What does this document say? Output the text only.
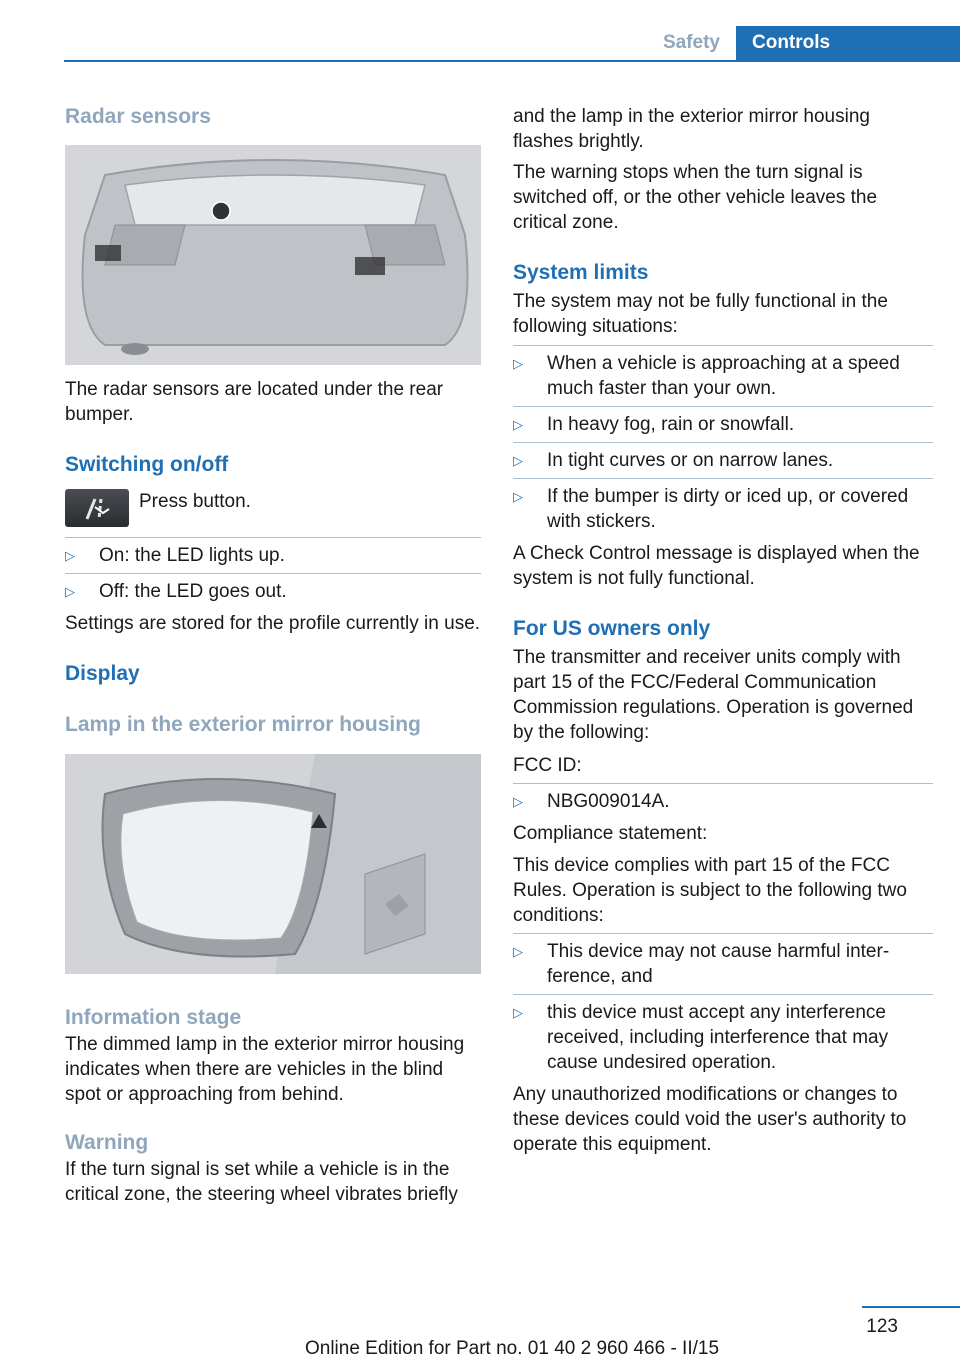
Safety	Controls
Radar sensors
The radar sensors are located under the rear bumper.
Switching on/off
Press button.
▷ On: the LED lights up.
▷ Off: the LED goes out.
Settings are stored for the profile currently in use.
Display
Lamp in the exterior mirror housing
Information stage
The dimmed lamp in the exterior mirror housing indicates when there are vehicles in the blind spot or approaching from behind.
Warning
If the turn signal is set while a vehicle is in the critical zone, the steering wheel vibrates briefly
and the lamp in the exterior mirror housing flashes brightly.
The warning stops when the turn signal is switched off, or the other vehicle leaves the critical zone.
System limits
The system may not be fully functional in the following situations:
▷ When a vehicle is approaching at a speed much faster than your own.
▷ In heavy fog, rain or snowfall.
▷ In tight curves or on narrow lanes.
▷ If the bumper is dirty or iced up, or covered with stickers.
A Check Control message is displayed when the system is not fully functional.
For US owners only
The transmitter and receiver units comply with part 15 of the FCC/Federal Communication Commission regulations. Operation is governed by the following:
FCC ID:
▷ NBG009014A.
Compliance statement:
This device complies with part 15 of the FCC Rules. Operation is subject to the following two conditions:
▷ This device may not cause harmful interference, and
▷ this device must accept any interference received, including interference that may cause undesired operation.
Any unauthorized modifications or changes to these devices could void the user's authority to operate this equipment.
123
Online Edition for Part no. 01 40 2 960 466 - II/15
